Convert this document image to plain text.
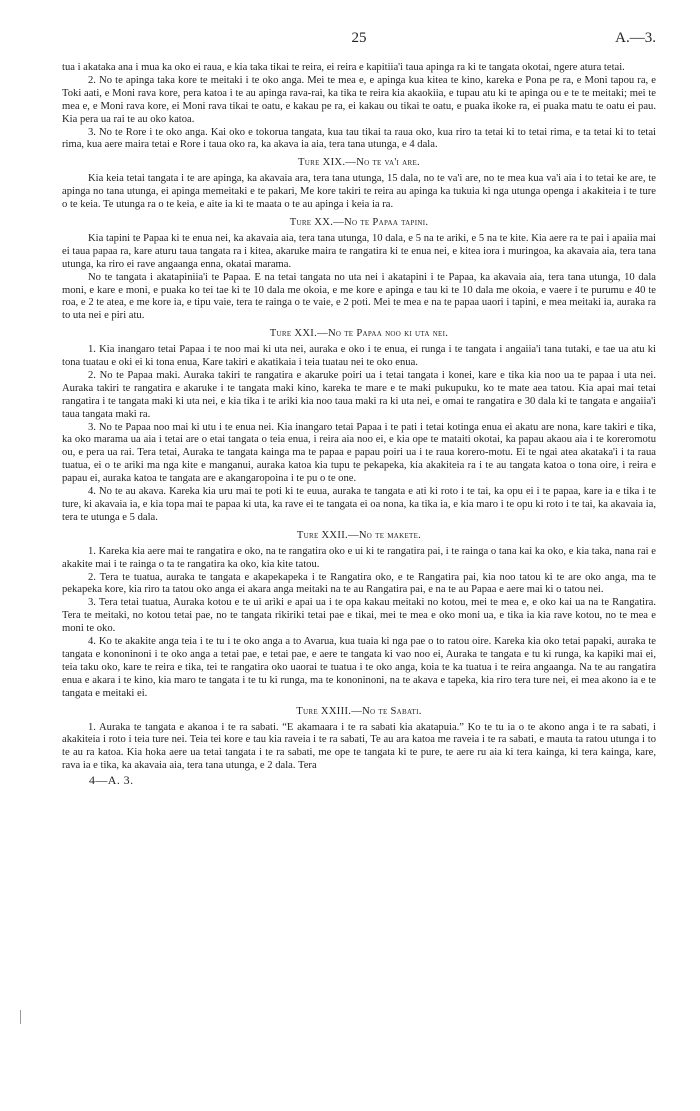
25	A.—3.

tua i akataka ana i mua ka oko ei raua, e kia taka tikai te reira, ei reira e kapitiia'i taua apinga ra ki te tangata okotai, ngere atura tetai.

2. No te apinga taka kore te meitaki i te oko anga. Mei te mea e, e apinga kua kitea te kino, kareka e Pona pe ra, e Moni tapou ra, e Toki aati, e Moni rava kore, pera katoa i te au apinga rava-rai, ka tika te reira kia akaokiia, e tupau atu ki te apinga ou e te te meitaki; mei te mea e, e Moni rava kore, ei Moni rava tikai te oatu, e kakau pe ra, ei kakau ou tikai te oatu, e puaka ikoke ra, ei puaka matu te oatu ei pau. Kia pera ua rai te au oko katoa.

3. No te Rore i te oko anga. Kai oko e tokorua tangata, kua tau tikai ta raua oko, kua riro ta tetai ki to tetai rima, e ta tetai ki to tetai rima, kua aere maira tetai e Rore i taua oko ra, ka akava ia aia, tera tana utunga, e 4 dala.

Ture XIX.—No te va'i are.

Kia keia tetai tangata i te are apinga, ka akavaia ara, tera tana utunga, 15 dala, no te va'i are, no te mea kua va'i aia i to tetai ke are, te apinga no tana utunga, ei apinga memeitaki e te pakari, Me kore takiri te reira au apinga ka tukuia ki nga utunga openga i akakiteia i te ture o te keia. Te utunga ra o te keia, e aite ia ki te maata o te au apinga i keia ia ra.

Ture XX.—No te Papaa tapini.

Kia tapini te Papaa ki te enua nei, ka akavaia aia, tera tana utunga, 10 dala, e 5 na te ariki, e 5 na te kite. Kia aere ra te pai i apaiia mai ei taua papaa ra, kare aturu taua tangata ra i kitea, akaruke maira te rangatira ki te enua nei, e kitea iora i muringoa, ka akavaia aia, tera tana utunga, ka riro ei rave angaanga enna, okatai marama.

No te tangata i akatapiniia'i te Papaa. E na tetai tangata no uta nei i akatapini i te Papaa, ka akavaia aia, tera tana utunga, 10 dala moni, e kare e moni, e puaka ko tei tae ki te 10 dala me okoia, e me kore e apinga e tau ki te 10 dala me okoia, e vaere i te purumu e 40 te roa, e 2 te atea, e me kore ia, e tipu vaie, tera te rainga o te vaie, e 2 poti. Mei te mea e na te papaa uaori i tapini, e mea meitaki ia, auraka ra to uta nei e piri atu.

Ture XXI.—No te Papaa noo ki uta nei.

1. Kia inangaro tetai Papaa i te noo mai ki uta nei, auraka e oko i te enua, ei runga i te tangata i angaiia'i tana tutaki, e tae ua atu ki tona tuatau e oki ei ki tona enua, Kare takiri e akatikaia i teia tuatau nei te oko enua.

2. No te Papaa maki. Auraka takiri te rangatira e akaruke poiri ua i tetai tangata i konei, kare e tika kia noo ua te papaa i uta nei. Auraka takiri te rangatira e akaruke i te tangata maki kino, kareka te mare e te maki pukupuku, ko te mate aea tatou. Kia apai mai tetai rangatira i te tangata maki ki uta nei, e kia tika i te ariki kia noo taua maki ra ki uta nei, e omai te rangatira e 30 dala ki te tangata e angaiia'i taua tangata maki ra.

3. No te Papaa noo mai ki utu i te enua nei. Kia inangaro tetai Papaa i te pati i tetai kotinga enua ei akatu are nona, kare takiri e tika, ka oko marama ua aia i tetai are o etai tangata o teia enua, i reira aia noo ei, e kia ope te mataiti okotai, ka papau akaou aia i te koreromotu ou, e pera ua rai. Tera tetai, Auraka te tangata kainga ma te papaa e papau poiri ua i te raua korero-motu. Ei te ngai atea akataka'i i ta raua tuatua, ei o te ariki ma nga kite e manganui, auraka katoa kia tupu te pekapeka, kia akakiteia ra i te au tangata katoa o tona oire, i reira e papau ei, auraka katoa te tangata are e akangaropoina i te pu o te one.

4. No te au akava. Kareka kia uru mai te poti ki te euua, auraka te tangata e ati ki roto i te tai, ka opu ei i te papaa, kare ia e tika i te ture, ki akavaia ia, e kia topa mai te papaa ki uta, ka rave ei te tangata ei oa nona, ka tika ia, e kia maro i te opu ki roto i te tai, ka akavaia ia, tera te utunga e 5 dala.

Ture XXII.—No te makete.

1. Kareka kia aere mai te rangatira e oko, na te rangatira oko e ui ki te rangatira pai, i te rainga o tana kai ka oko, e kia taka, nana rai e akakite mai i te rainga o ta te rangatira ka oko, kia kite tatou.

2. Tera te tuatua, auraka te tangata e akapekapeka i te Rangatira oko, e te Rangatira pai, kia noo tatou ki te are oko anga, ma te pekapeka kore, kia riro ta tatou oko anga ei akara anga meitaki na te au Rangatira pai, e na te au Papaa e aere mai ki o tatou nei.

3. Tera tetai tuatua, Auraka kotou e te ui ariki e apai ua i te opa kakau meitaki no kotou, mei te mea e, e oko kai ua na te Rangatira. Tera te meitaki, no kotou tetai pae, no te tangata rikiriki tetai pae e tikai, mei te mea e oko moni ua, e tika ia kia rave kotou, no te mea e moni te oko.

4. Ko te akakite anga teia i te tu i te oko anga a to Avarua, kua tuaia ki nga pae o to ratou oire. Kareka kia oko tetai papaki, auraka te tangata e kononinoni i te oko anga a tetai pae, e tetai pae, e aere te tangata ki vao noo ei, Auraka te tangata e tu ki runga, ka kapiki mai ei, teia taku oko, kare te reira e tika, tei te rangatira oko uaorai te tuatua i te oko anga, koia te ka tuatua i te reira angaanga. Na te au rangatira enua e akara i te kino, kia maro te tangata i te tu ki runga, ma te kononinoni, na te akava e tapeka, kia riro tera ture nei, ei mea akono ia e te tangata e meitaki ei.

Ture XXIII.—No te Sabati.

1. Auraka te tangata e akanoa i te ra sabati. “E akamaara i te ra sabati kia akatapuia.” Ko te tu ia o te akono anga i te ra sabati, i akakiteia i roto i teia ture nei. Teia tei kore e tau kia raveia i te ra sabati, Te au ara katoa me raveia i te ra sabati, e mauta ta ratou utunga i to te au ra katoa. Kia hoka aere ua tetai tangata i te ra sabati, me ope te tangata ki te pure, te aere ru aia ki tera kainga, ki tera kainga, kare, rava ia e tika, ka akavaia aia, tera tana utunga, e 2 dala. Tera

4—A. 3.
